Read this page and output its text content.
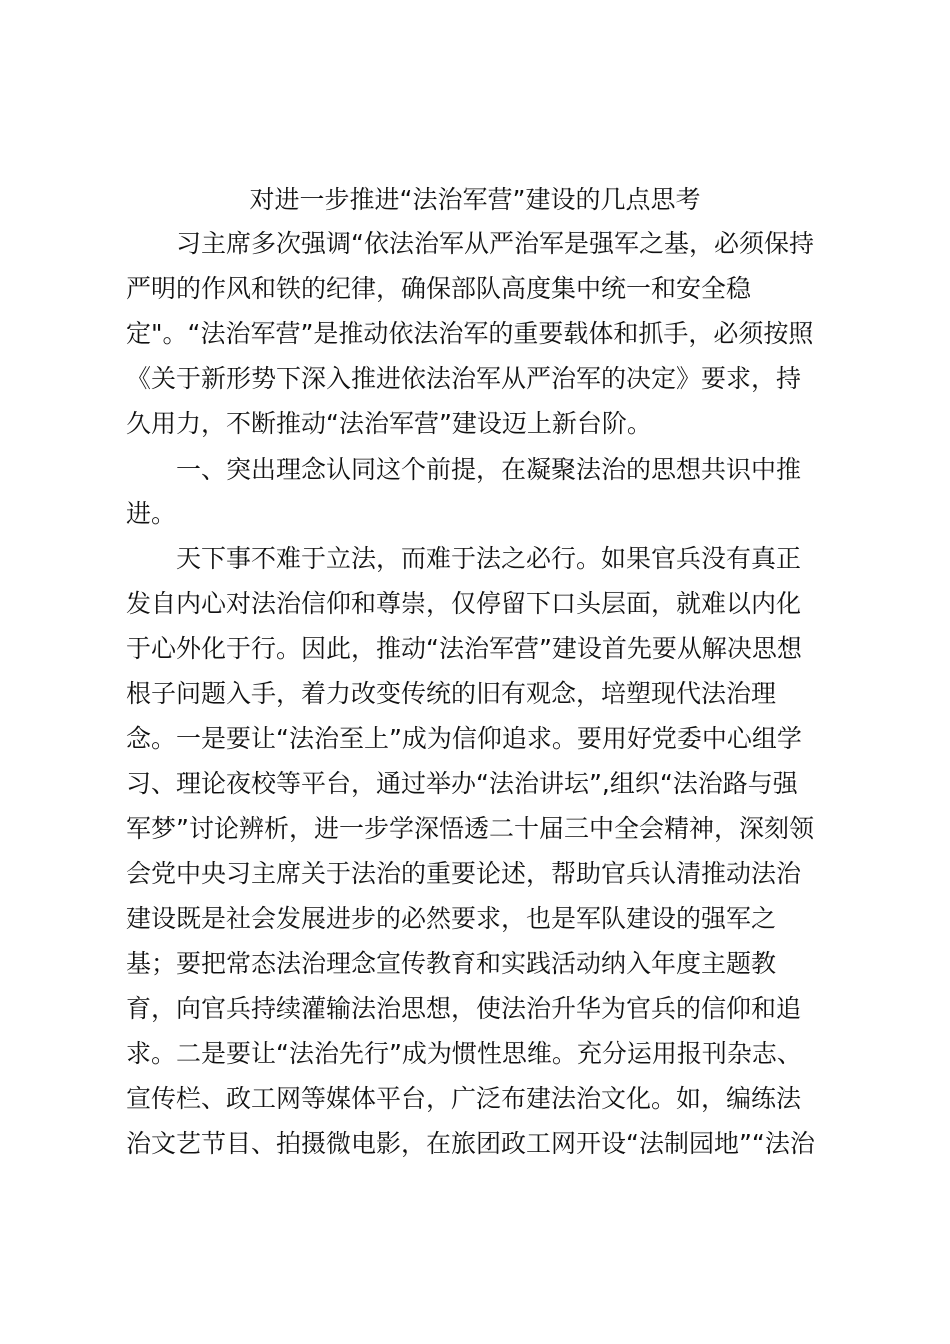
对进一步推进“法治军营”建设的几点思考
习主席多次强调“依法治军从严治军是强军之基，必须保持
严明的作风和铁的纪律，确保部队高度集中统一和安全稳
定"。“法治军营”是推动依法治军的重要载体和抓手，必须按照
《关于新形势下深入推进依法治军从严治军的决定》要求，持
久用力，不断推动“法治军营”建设迈上新台阶。
一、突出理念认同这个前提，在凝聚法治的思想共识中推
进。
天下事不难于立法，而难于法之必行。如果官兵没有真正
发自内心对法治信仰和尊崇，仅停留下口头层面，就难以内化
于心外化于行。因此，推动“法治军营”建设首先要从解决思想
根子问题入手，着力改变传统的旧有观念，培塑现代法治理
念。一是要让“法治至上”成为信仰追求。要用好党委中心组学
习、理论夜校等平台，通过举办“法治讲坛”,组织“法治路与强
军梦”讨论辨析，进一步学深悟透二十届三中全会精神，深刻领
会党中央习主席关于法治的重要论述，帮助官兵认清推动法治
建设既是社会发展进步的必然要求，也是军队建设的强军之
基；要把常态法治理念宣传教育和实践活动纳入年度主题教
育，向官兵持续灌输法治思想，使法治升华为官兵的信仰和追
求。二是要让“法治先行”成为惯性思维。充分运用报刊杂志、
宣传栏、政工网等媒体平台，广泛布建法治文化。如，编练法
治文艺节目、拍摄微电影，在旅团政工网开设“法制园地”“法治
